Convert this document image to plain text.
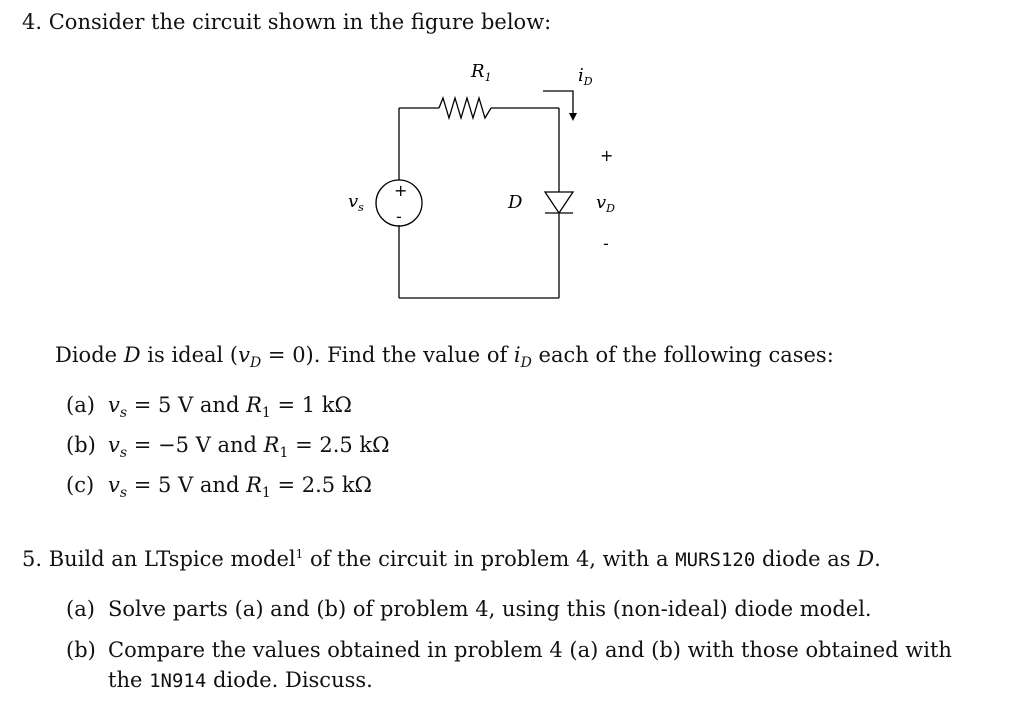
4. Consider the circuit shown in the figure below:
$R_1$	$i_D$
$v_s$
+
-
D	$v_D$
+
-
Diode D is ideal $(v_D = 0)$. Find the value of $i_D$ each of the following cases:
(a) $v_s = 5$ V and $R_1 = 1$ kΩ
(b) $v_s = -5$ V and $R_1 = 2.5$ kΩ
(c) $v_s = 5$ V and $R_1 = 2.5$ kΩ
5. Build an LTspice model$^1$ of the circuit in problem 4, with a MURS120 diode as D.
(a) Solve parts (a) and (b) of problem 4, using this (non-ideal) diode model.
(b) Compare the values obtained in problem 4 (a) and (b) with those obtained with
the 1N914 diode. Discuss.
